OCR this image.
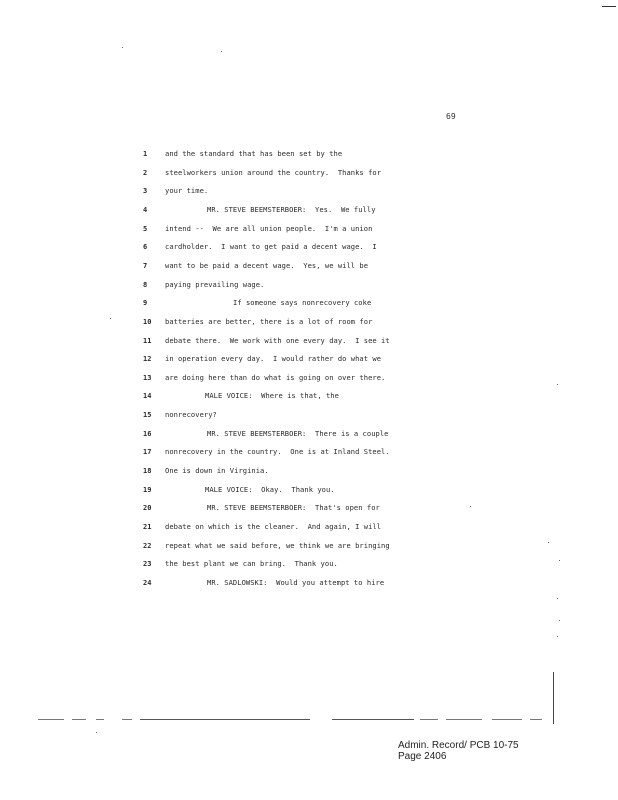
69
1	and the standard that has been set by the
2	steelworkers union around the country.  Thanks for
3	your time.
4	MR. STEVE BEEMSTERBOER:  Yes.  We fully
5	intend --  We are all union people.  I'm a union
6	cardholder.  I want to get paid a decent wage.  I
7	want to be paid a decent wage.  Yes, we will be
8	paying prevailing wage.
9	If someone says nonrecovery coke
10	batteries are better, there is a lot of room for
11	debate there.  We work with one every day.  I see it
12	in operation every day.  I would rather do what we
13	are doing here than do what is going on over there.
14	MALE VOICE:  Where is that, the
15	nonrecovery?
16	MR. STEVE BEEMSTERBOER:  There is a couple
17	nonrecovery in the country.  One is at Inland Steel.
18	One is down in Virginia.
19	MALE VOICE:  Okay.  Thank you.
20	MR. STEVE BEEMSTERBOER:  That's open for
21	debate on which is the cleaner.  And again, I will
22	repeat what we said before, we think we are bringing
23	the best plant we can bring.  Thank you.
24	MR. SADLOWSKI:  Would you attempt to hire
Admin. Record/ PCB 10-75
Page 2406
